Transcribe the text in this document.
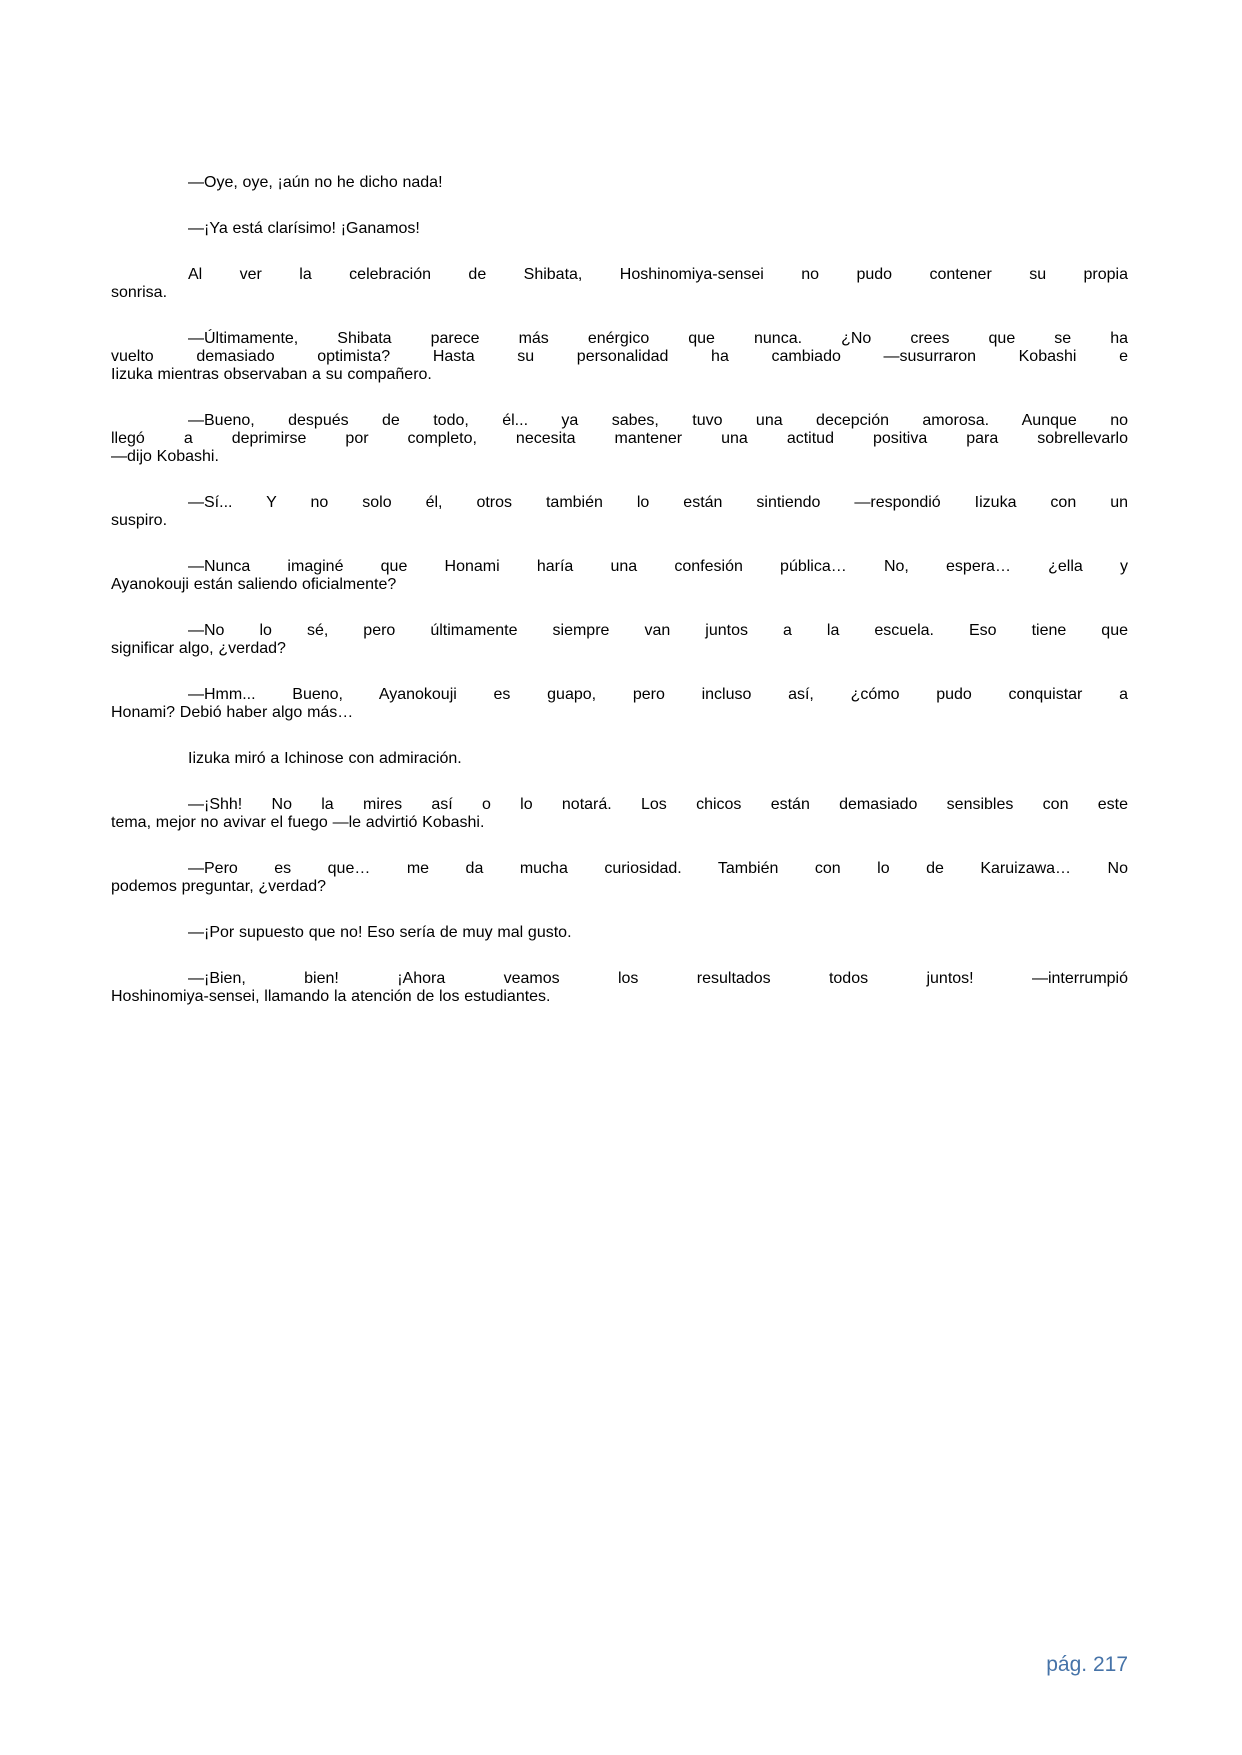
—Oye, oye, ¡aún no he dicho nada!

—¡Ya está clarísimo! ¡Ganamos!

Al ver la celebración de Shibata, Hoshinomiya-sensei no pudo contener su propia
sonrisa.

—Últimamente, Shibata parece más enérgico que nunca. ¿No crees que se ha
vuelto demasiado optimista? Hasta su personalidad ha cambiado —susurraron Kobashi e
Iizuka mientras observaban a su compañero.

—Bueno, después de todo, él... ya sabes, tuvo una decepción amorosa. Aunque no
llegó a deprimirse por completo, necesita mantener una actitud positiva para sobrellevarlo
—dijo Kobashi.

—Sí... Y no solo él, otros también lo están sintiendo —respondió Iizuka con un
suspiro.

—Nunca imaginé que Honami haría una confesión pública… No, espera… ¿ella y
Ayanokouji están saliendo oficialmente?

—No lo sé, pero últimamente siempre van juntos a la escuela. Eso tiene que
significar algo, ¿verdad?

—Hmm... Bueno, Ayanokouji es guapo, pero incluso así, ¿cómo pudo conquistar a
Honami? Debió haber algo más…

Iizuka miró a Ichinose con admiración.

—¡Shh! No la mires así o lo notará. Los chicos están demasiado sensibles con este
tema, mejor no avivar el fuego —le advirtió Kobashi.

—Pero es que… me da mucha curiosidad. También con lo de Karuizawa… No
podemos preguntar, ¿verdad?

—¡Por supuesto que no! Eso sería de muy mal gusto.

—¡Bien, bien! ¡Ahora veamos los resultados todos juntos! —interrumpió
Hoshinomiya-sensei, llamando la atención de los estudiantes.

pág. 217
